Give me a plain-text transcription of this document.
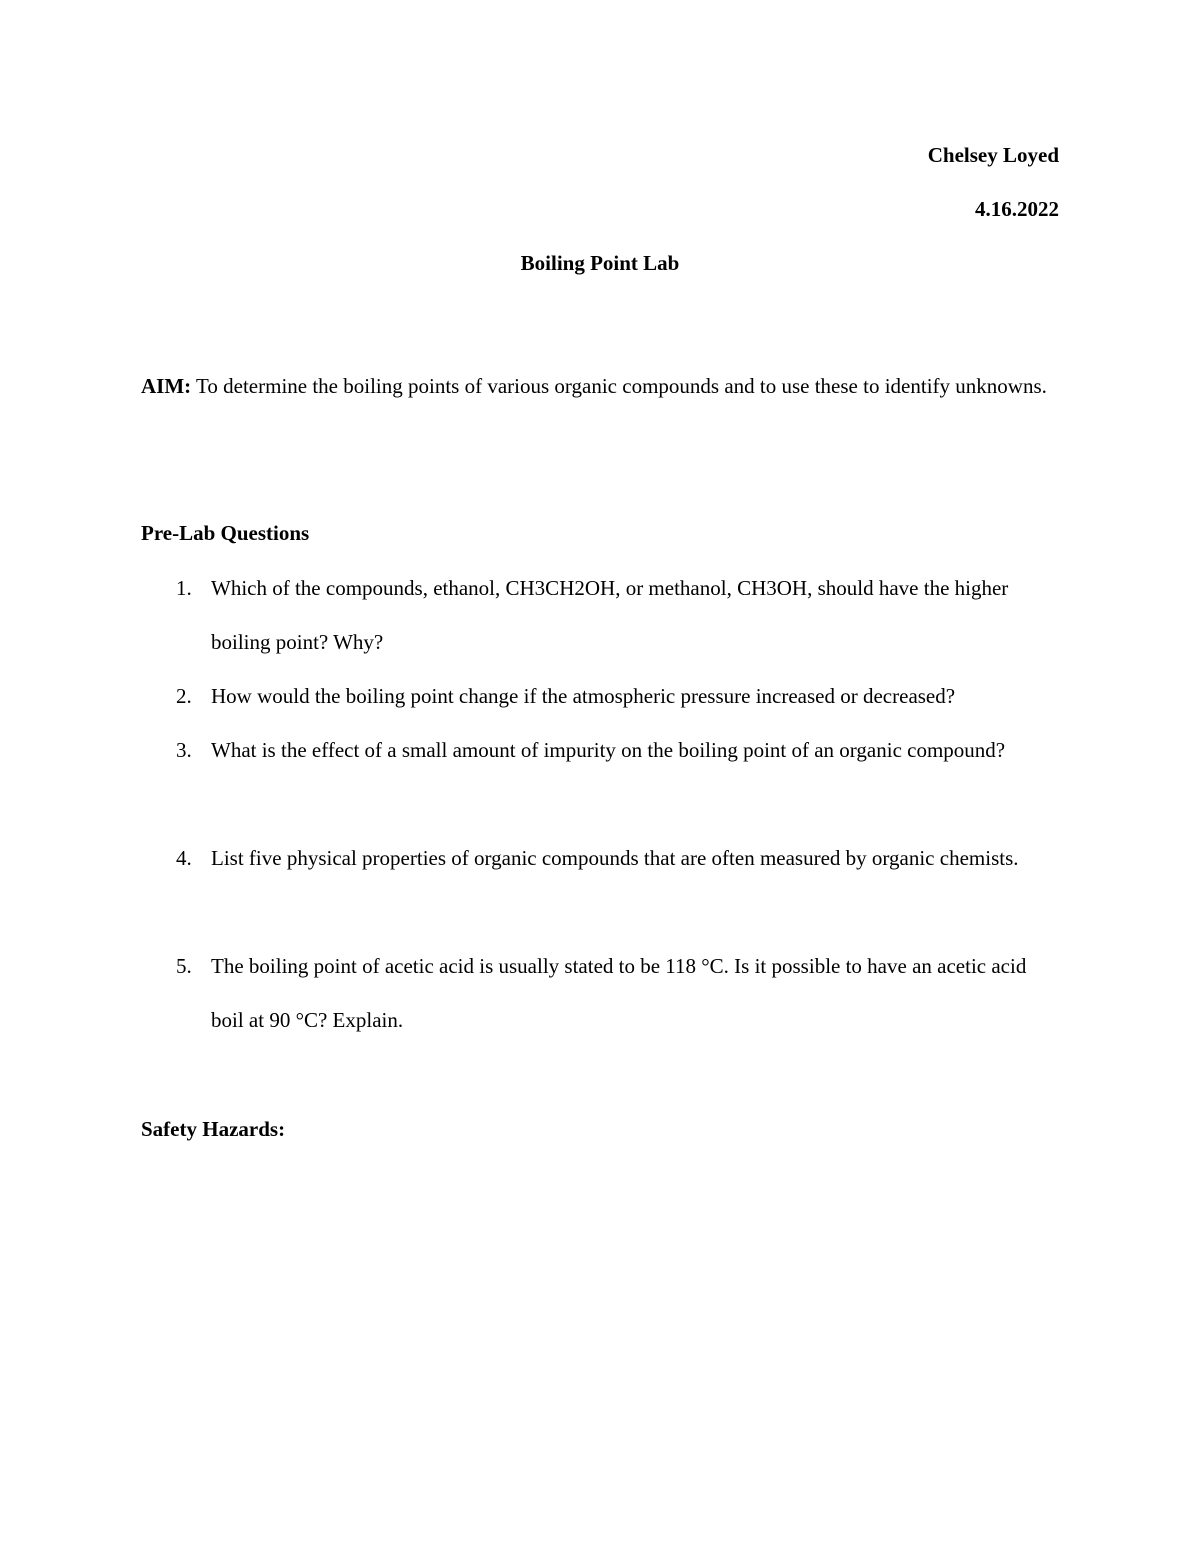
Chelsey Loyed
4.16.2022
Boiling Point Lab
AIM: To determine the boiling points of various organic compounds and to use these to identify unknowns.
Pre-Lab Questions
1. Which of the compounds, ethanol, CH3CH2OH, or methanol, CH3OH, should have the higher boiling point? Why?
2. How would the boiling point change if the atmospheric pressure increased or decreased?
3. What is the effect of a small amount of impurity on the boiling point of an organic compound?
4. List five physical properties of organic compounds that are often measured by organic chemists.
5. The boiling point of acetic acid is usually stated to be 118 °C. Is it possible to have an acetic acid boil at 90 °C? Explain.
Safety Hazards:
